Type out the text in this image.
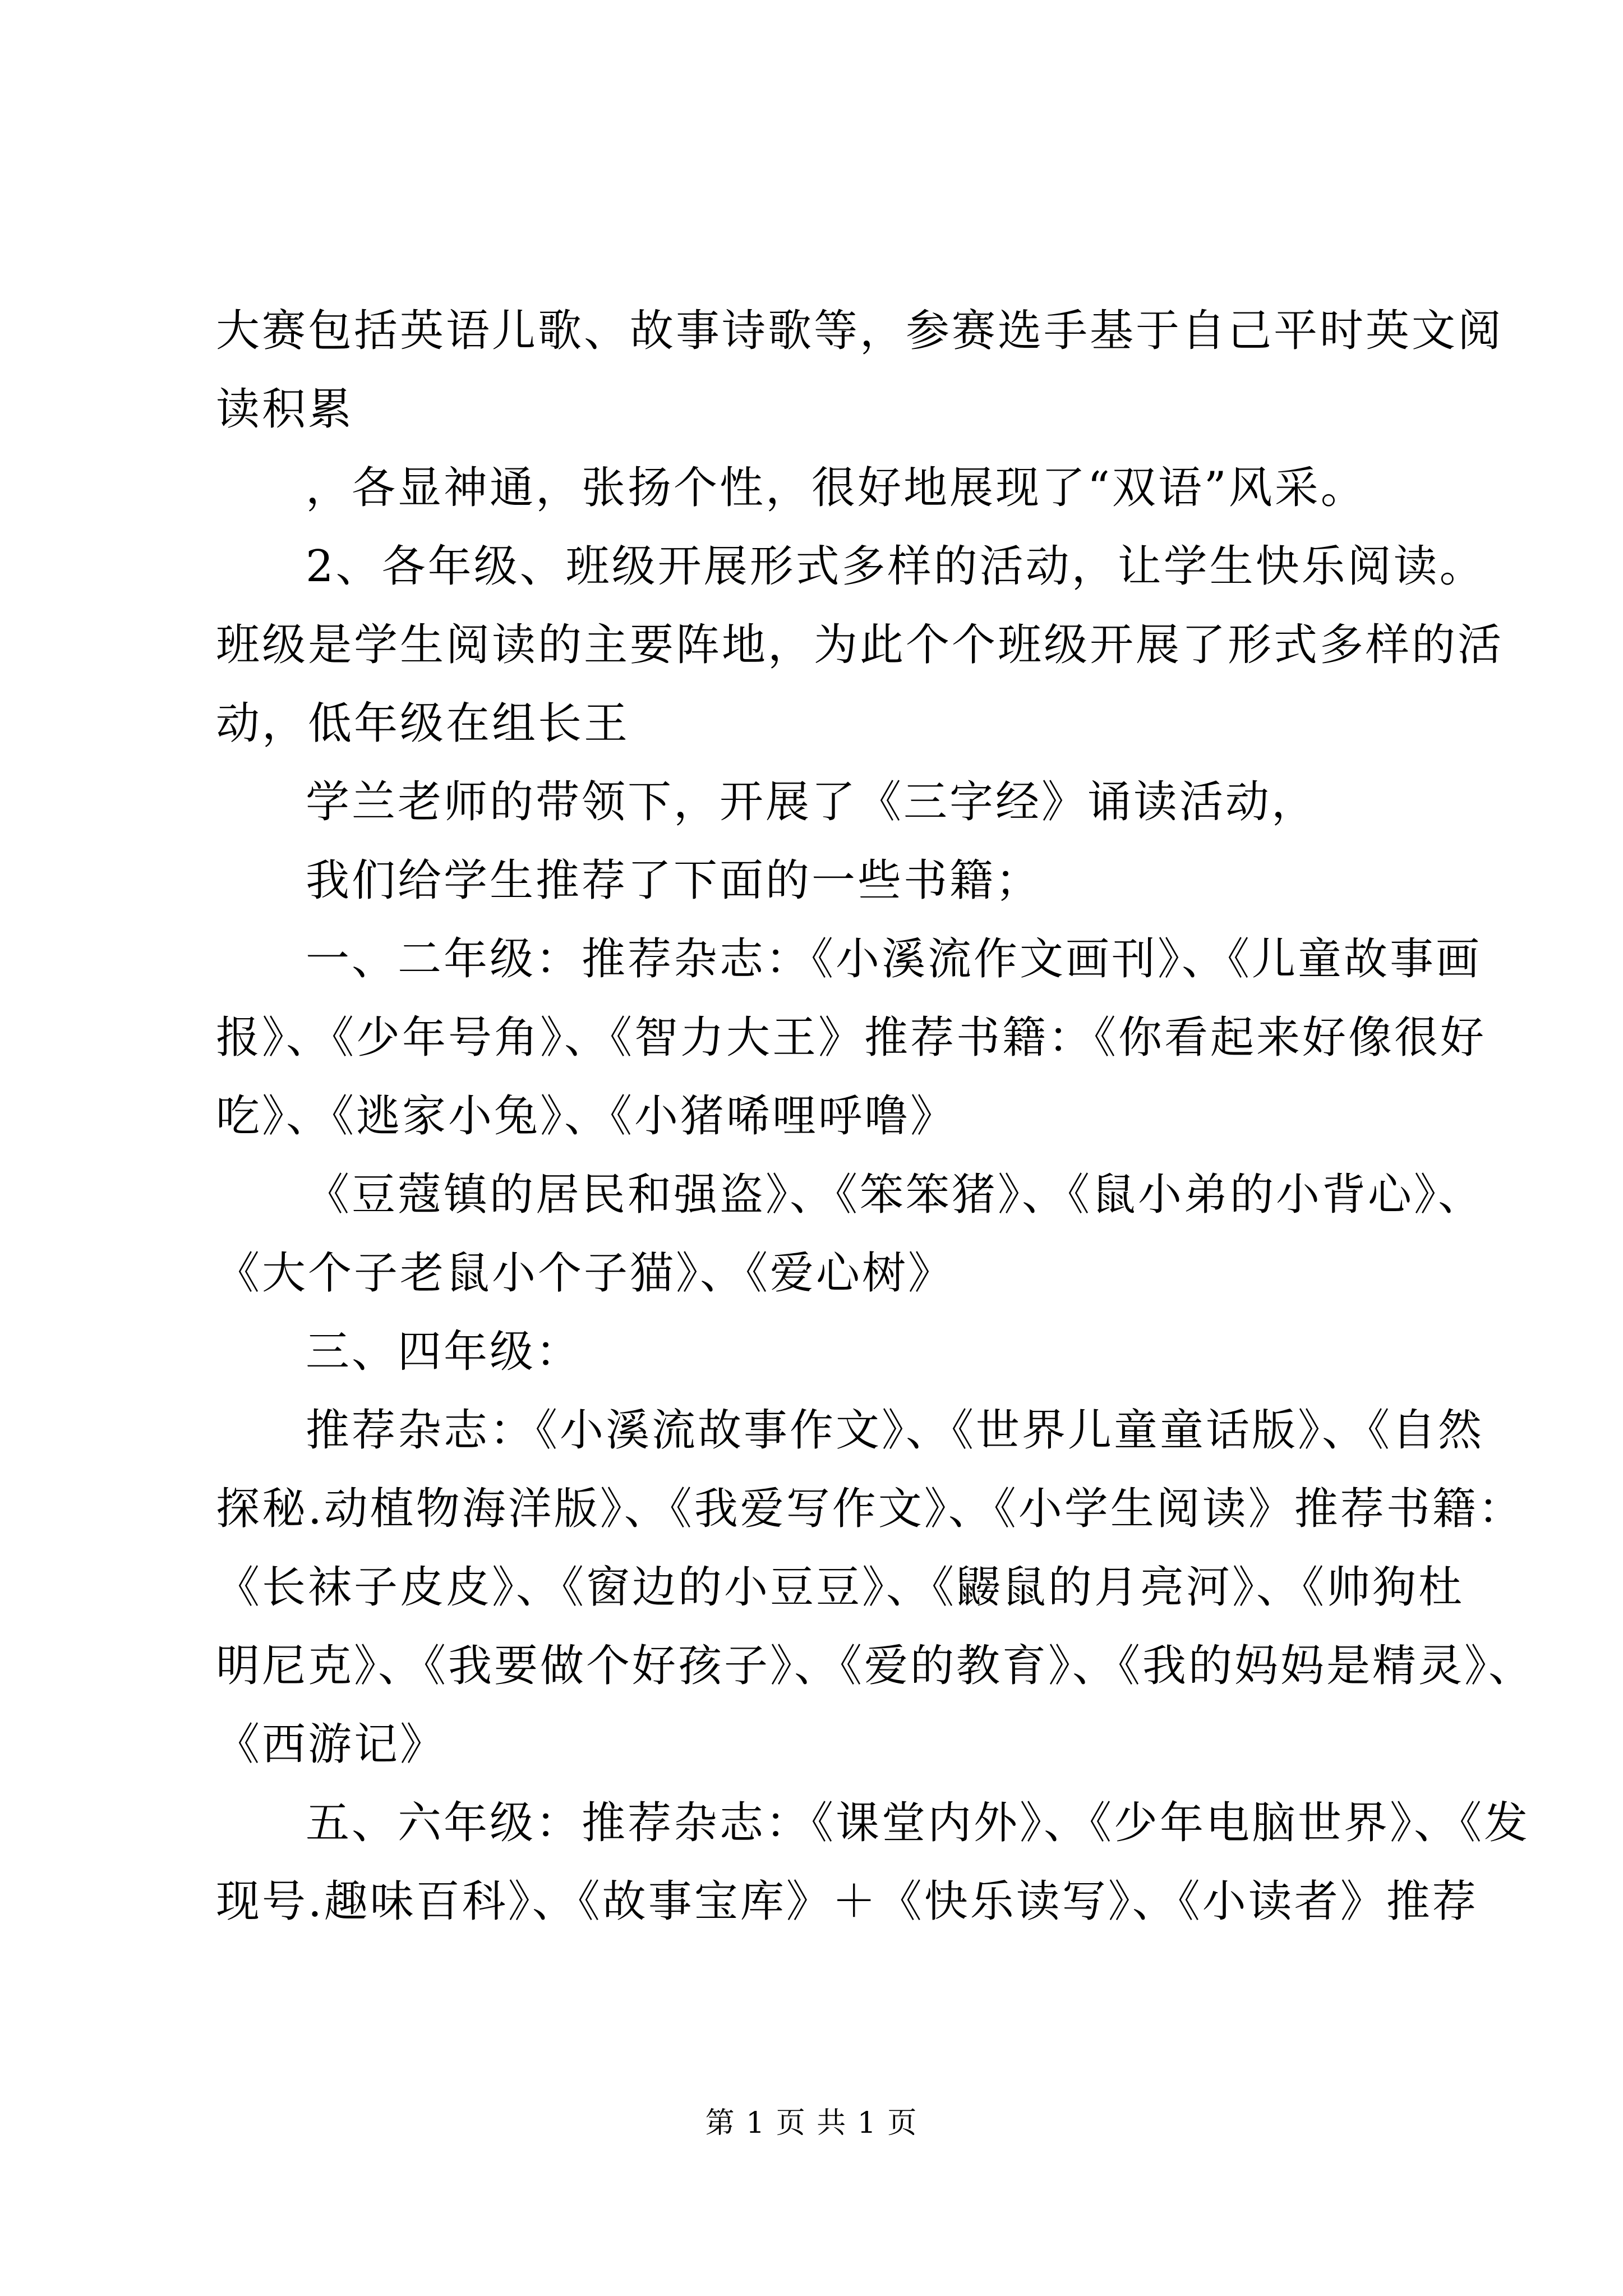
大赛包括英语儿歌、故事诗歌等，参赛选手基于自己平时英文阅
读积累
，各显神通，张扬个性，很好地展现了“双语”风采。
2、各年级、班级开展形式多样的活动，让学生快乐阅读。
班级是学生阅读的主要阵地，为此个个班级开展了形式多样的活
动，低年级在组长王
学兰老师的带领下，开展了《三字经》诵读活动，
我们给学生推荐了下面的一些书籍；
一、二年级：推荐杂志：《小溪流作文画刊》、《儿童故事画
报》、《少年号角》、《智力大王》推荐书籍：《你看起来好像很好
吃》、《逃家小兔》、《小猪唏哩呼噜》
《豆蔻镇的居民和强盗》、《笨笨猪》、《鼠小弟的小背心》、
《大个子老鼠小个子猫》、《爱心树》
三、四年级：
推荐杂志：《小溪流故事作文》、《世界儿童童话版》、《自然
探秘.动植物海洋版》、《我爱写作文》、《小学生阅读》推荐书籍：
《长袜子皮皮》、《窗边的小豆豆》、《鼹鼠的月亮河》、《帅狗杜
明尼克》、《我要做个好孩子》、《爱的教育》、《我的妈妈是精灵》、
《西游记》
五、六年级：推荐杂志：《课堂内外》、《少年电脑世界》、《发
现号.趣味百科》、《故事宝库》＋《快乐读写》、《小读者》推荐
第 1 页 共 1 页
